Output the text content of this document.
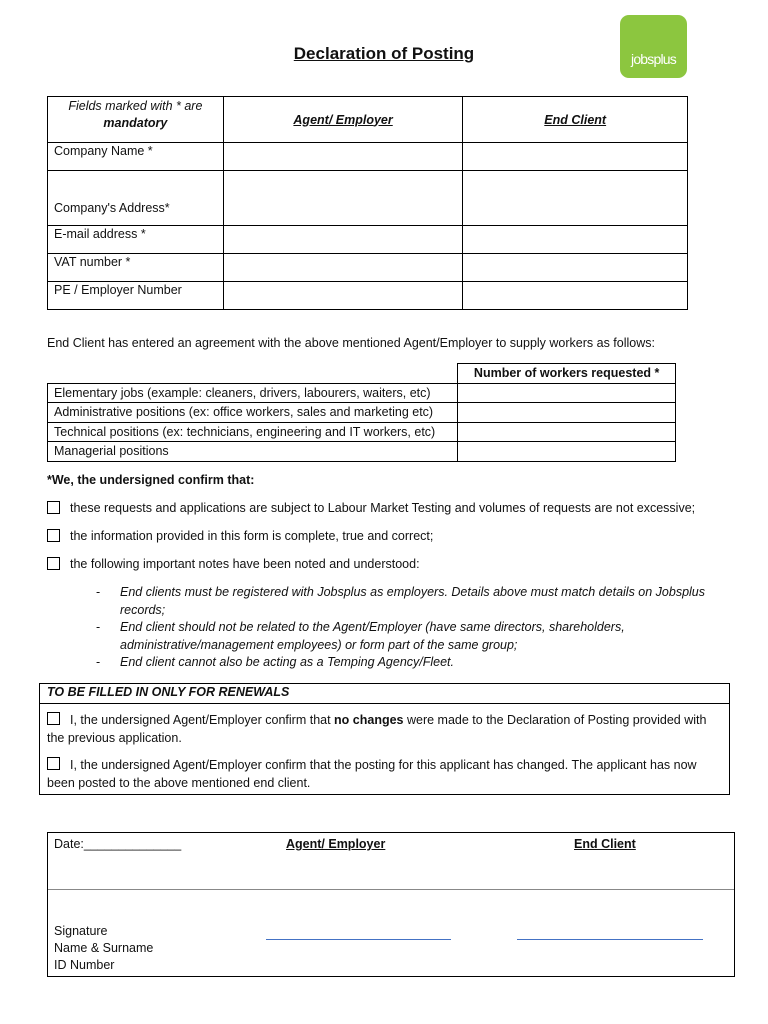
Declaration of Posting	jobsplus
Fields marked with * are
mandatory	Agent/ Employer	End Client
Company Name *		
Company's Address*		
E-mail address *		
VAT number *		
PE / Employer Number		
End Client has entered an agreement with the above mentioned Agent/Employer to supply workers as follows:
	Number of workers requested *
Elementary jobs (example: cleaners, drivers, labourers, waiters, etc)	
Administrative positions (ex: office workers, sales and marketing etc)	
Technical positions (ex: technicians, engineering and IT workers, etc)	
Managerial positions	
*We, the undersigned confirm that:
these requests and applications are subject to Labour Market Testing and volumes of requests are not excessive;
the information provided in this form is complete, true and correct;
the following important notes have been noted and understood:
- End clients must be registered with Jobsplus as employers. Details above must match details on Jobsplus records;
- End client should not be related to the Agent/Employer (have same directors, shareholders, administrative/management employees) or form part of the same group;
- End client cannot also be acting as a Temping Agency/Fleet.
TO BE FILLED IN ONLY FOR RENEWALS
I, the undersigned Agent/Employer confirm that no changes were made to the Declaration of Posting provided with the previous application.
I, the undersigned Agent/Employer confirm that the posting for this applicant has changed. The applicant has now been posted to the above mentioned end client.
Date:______________	Agent/ Employer	End Client
Signature
Name & Surname
ID Number
